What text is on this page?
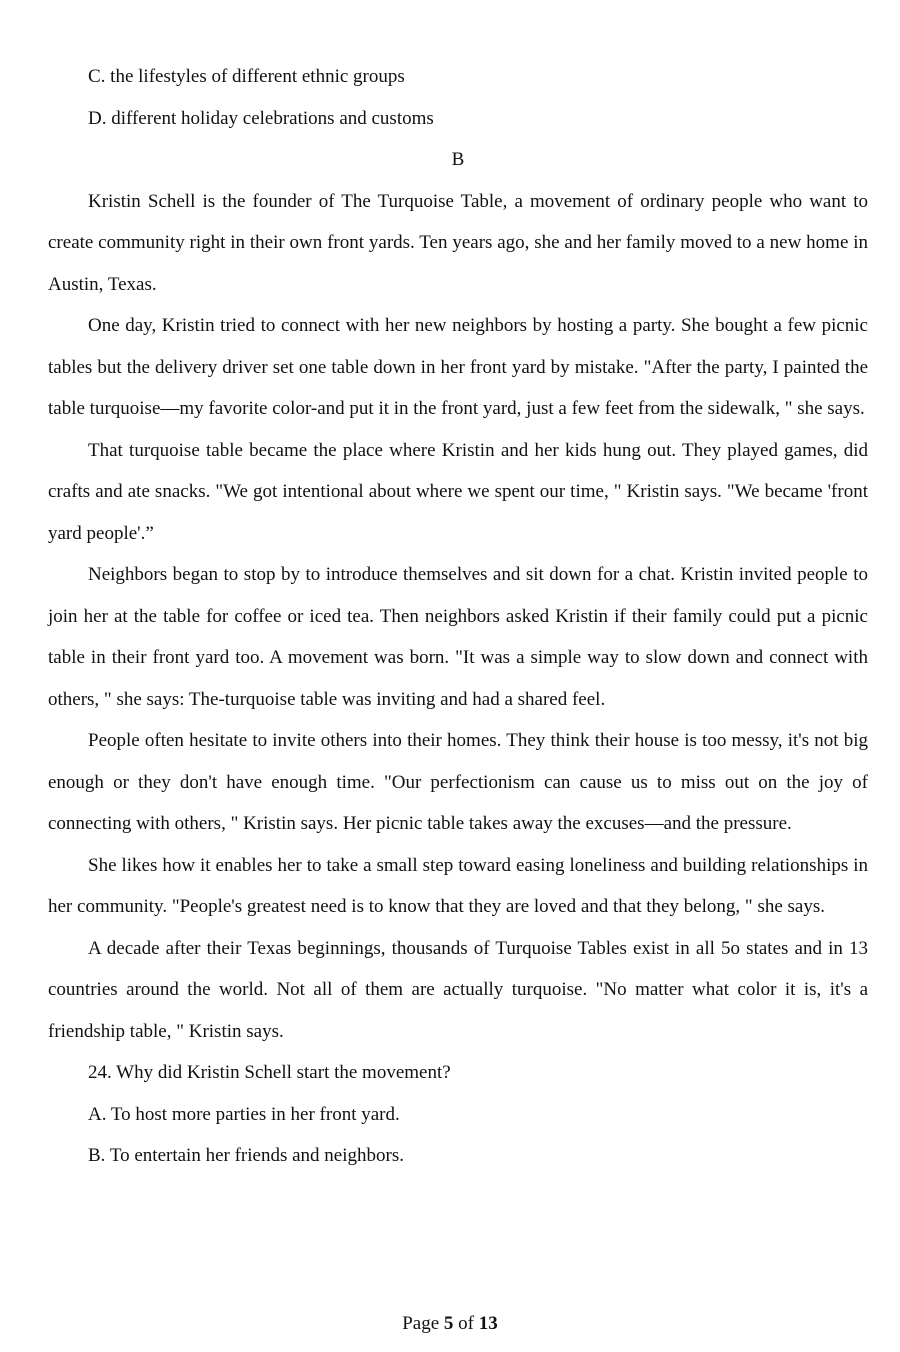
C. the lifestyles of different ethnic groups

D. different holiday celebrations and customs

B

Kristin Schell is the founder of The Turquoise Table, a movement of ordinary people who want to create community right in their own front yards. Ten years ago, she and her family moved to a new home in Austin, Texas.

One day, Kristin tried to connect with her new neighbors by hosting a party. She bought a few picnic tables but the delivery driver set one table down in her front yard by mistake. "After the party, I painted the table turquoise—my favorite color-and put it in the front yard, just a few feet from the sidewalk, " she says.

That turquoise table became the place where Kristin and her kids hung out. They played games, did crafts and ate snacks. "We got intentional about where we spent our time, " Kristin says. "We became 'front yard people'.”

Neighbors began to stop by to introduce themselves and sit down for a chat. Kristin invited people to join her at the table for coffee or iced tea. Then neighbors asked Kristin if their family could put a picnic table in their front yard too. A movement was born. "It was a simple way to slow down and connect with others, " she says: The-turquoise table was inviting and had a shared feel.

People often hesitate to invite others into their homes. They think their house is too messy, it's not big enough or they don't have enough time. "Our perfectionism can cause us to miss out on the joy of connecting with others, " Kristin says. Her picnic table takes away the excuses—and the pressure.

She likes how it enables her to take a small step toward easing loneliness and building relationships in her community. "People's greatest need is to know that they are loved and that they belong, " she says.

A decade after their Texas beginnings, thousands of Turquoise Tables exist in all 5o states and in 13 countries around the world. Not all of them are actually turquoise. "No matter what color it is, it's a friendship table, " Kristin says.

24. Why did Kristin Schell start the movement?

A. To host more parties in her front yard.

B. To entertain her friends and neighbors.

Page 5 of 13
